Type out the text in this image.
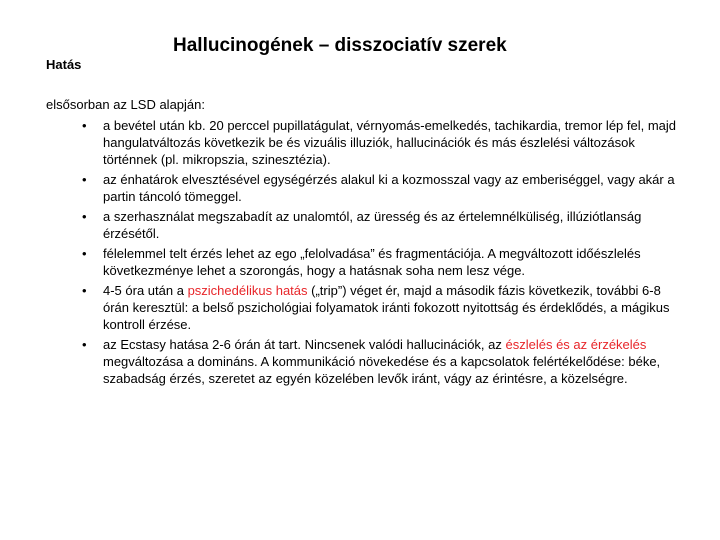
Hatás
Hallucinogének – disszociatív szerek
elsősorban az LSD alapján:
• a bevétel után kb. 20 perccel pupillatágulat, vérnyomás-emelkedés, tachikardia, tremor lép fel, majd hangulatváltozás következik be és vizuális illuziók, hallucinációk és más észlelési változások történnek (pl. mikropszia, szinesztézia).
• az énhatárok elvesztésével egységérzés alakul ki a kozmosszal vagy az emberiséggel, vagy akár a partin táncoló tömeggel.
• a szerhasználat megszabadít az unalomtól, az üresség és az értelemnélküliség, illúziótlanság érzésétől.
• félelemmel telt érzés lehet az ego „felolvadása” és fragmentációja. A megváltozott időészlelés következménye lehet a szorongás, hogy a hatásnak soha nem lesz vége.
• 4-5 óra után a pszichedélikus hatás („trip”) véget ér, majd a második fázis következik, további 6-8 órán keresztül: a belső pszichológiai folyamatok iránti fokozott nyitottság és érdeklődés, a mágikus kontroll érzése.
• az Ecstasy hatása 2-6 órán át tart. Nincsenek valódi hallucinációk, az észlelés és az érzékelés megváltozása a domináns. A kommunikáció növekedése és a kapcsolatok felértékelődése: béke, szabadság érzés, szeretet az egyén közelében levők iránt, vágy az érintésre, a közelségre.
